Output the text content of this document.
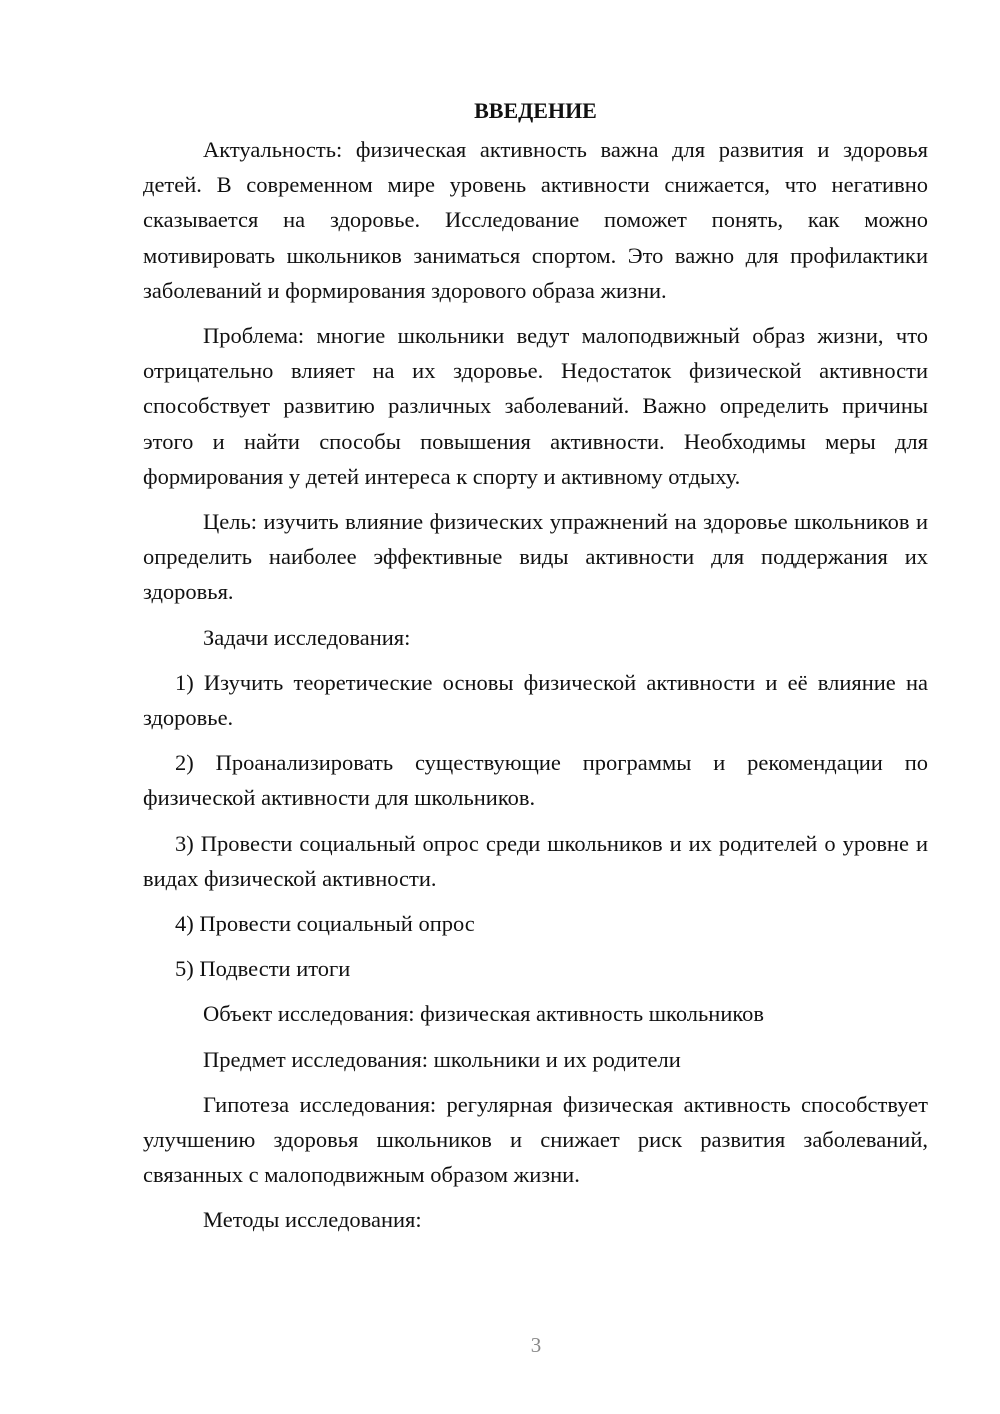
ВВЕДЕНИЕ

Актуальность: физическая активность важна для развития и здоровья детей. В современном мире уровень активности снижается, что негативно сказывается на здоровье. Исследование поможет понять, как можно мотивировать школьников заниматься спортом. Это важно для профилактики заболеваний и формирования здорового образа жизни.

Проблема: многие школьники ведут малоподвижный образ жизни, что отрицательно влияет на их здоровье. Недостаток физической активности способствует развитию различных заболеваний. Важно определить причины этого и найти способы повышения активности. Необходимы меры для формирования у детей интереса к спорту и активному отдыху.

Цель: изучить влияние физических упражнений на здоровье школьников и определить наиболее эффективные виды активности для поддержания их здоровья.

Задачи исследования:

1) Изучить теоретические основы физической активности и её влияние на здоровье.

2) Проанализировать существующие программы и рекомендации по физической активности для школьников.

3) Провести социальный опрос среди школьников и их родителей о уровне и видах физической активности.

4) Провести социальный опрос

5) Подвести итоги

Объект исследования: физическая активность школьников

Предмет исследования: школьники и их родители

Гипотеза исследования: регулярная физическая активность способствует улучшению здоровья школьников и снижает риск развития заболеваний, связанных с малоподвижным образом жизни.

Методы исследования:

3
